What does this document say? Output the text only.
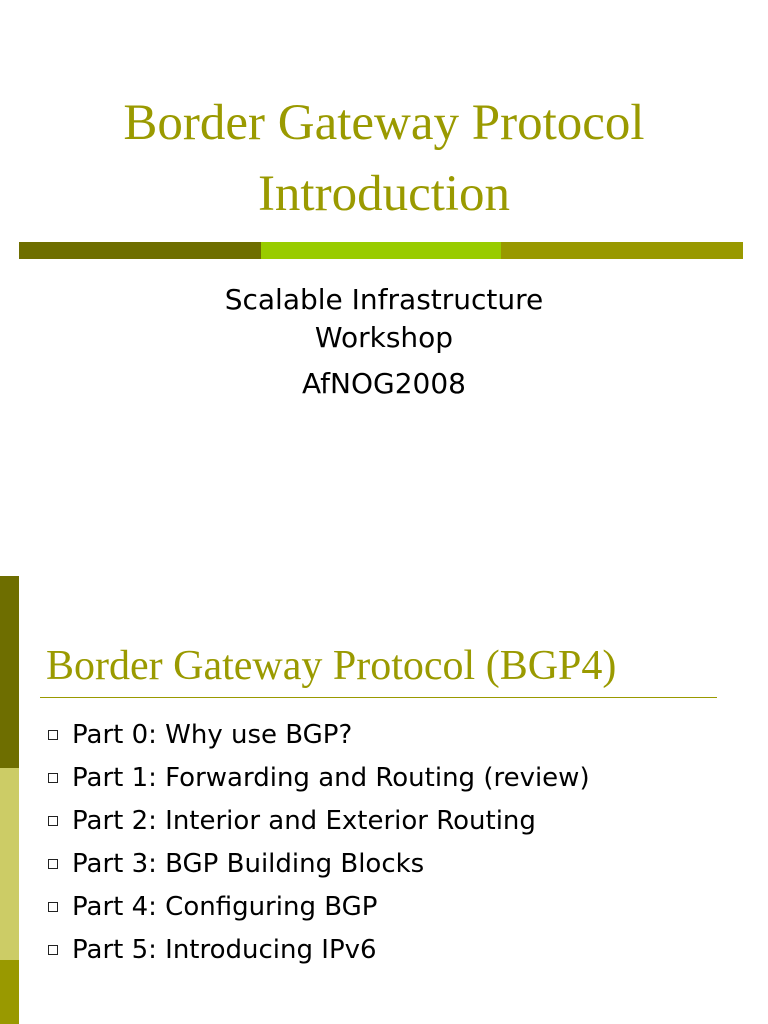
Border Gateway Protocol
Introduction
Scalable Infrastructure
Workshop
AfNOG2008
Border Gateway Protocol (BGP4)
Part 0: Why use BGP?
Part 1: Forwarding and Routing (review)
Part 2: Interior and Exterior Routing
Part 3: BGP Building Blocks
Part 4: Configuring BGP
Part 5: Introducing IPv6
